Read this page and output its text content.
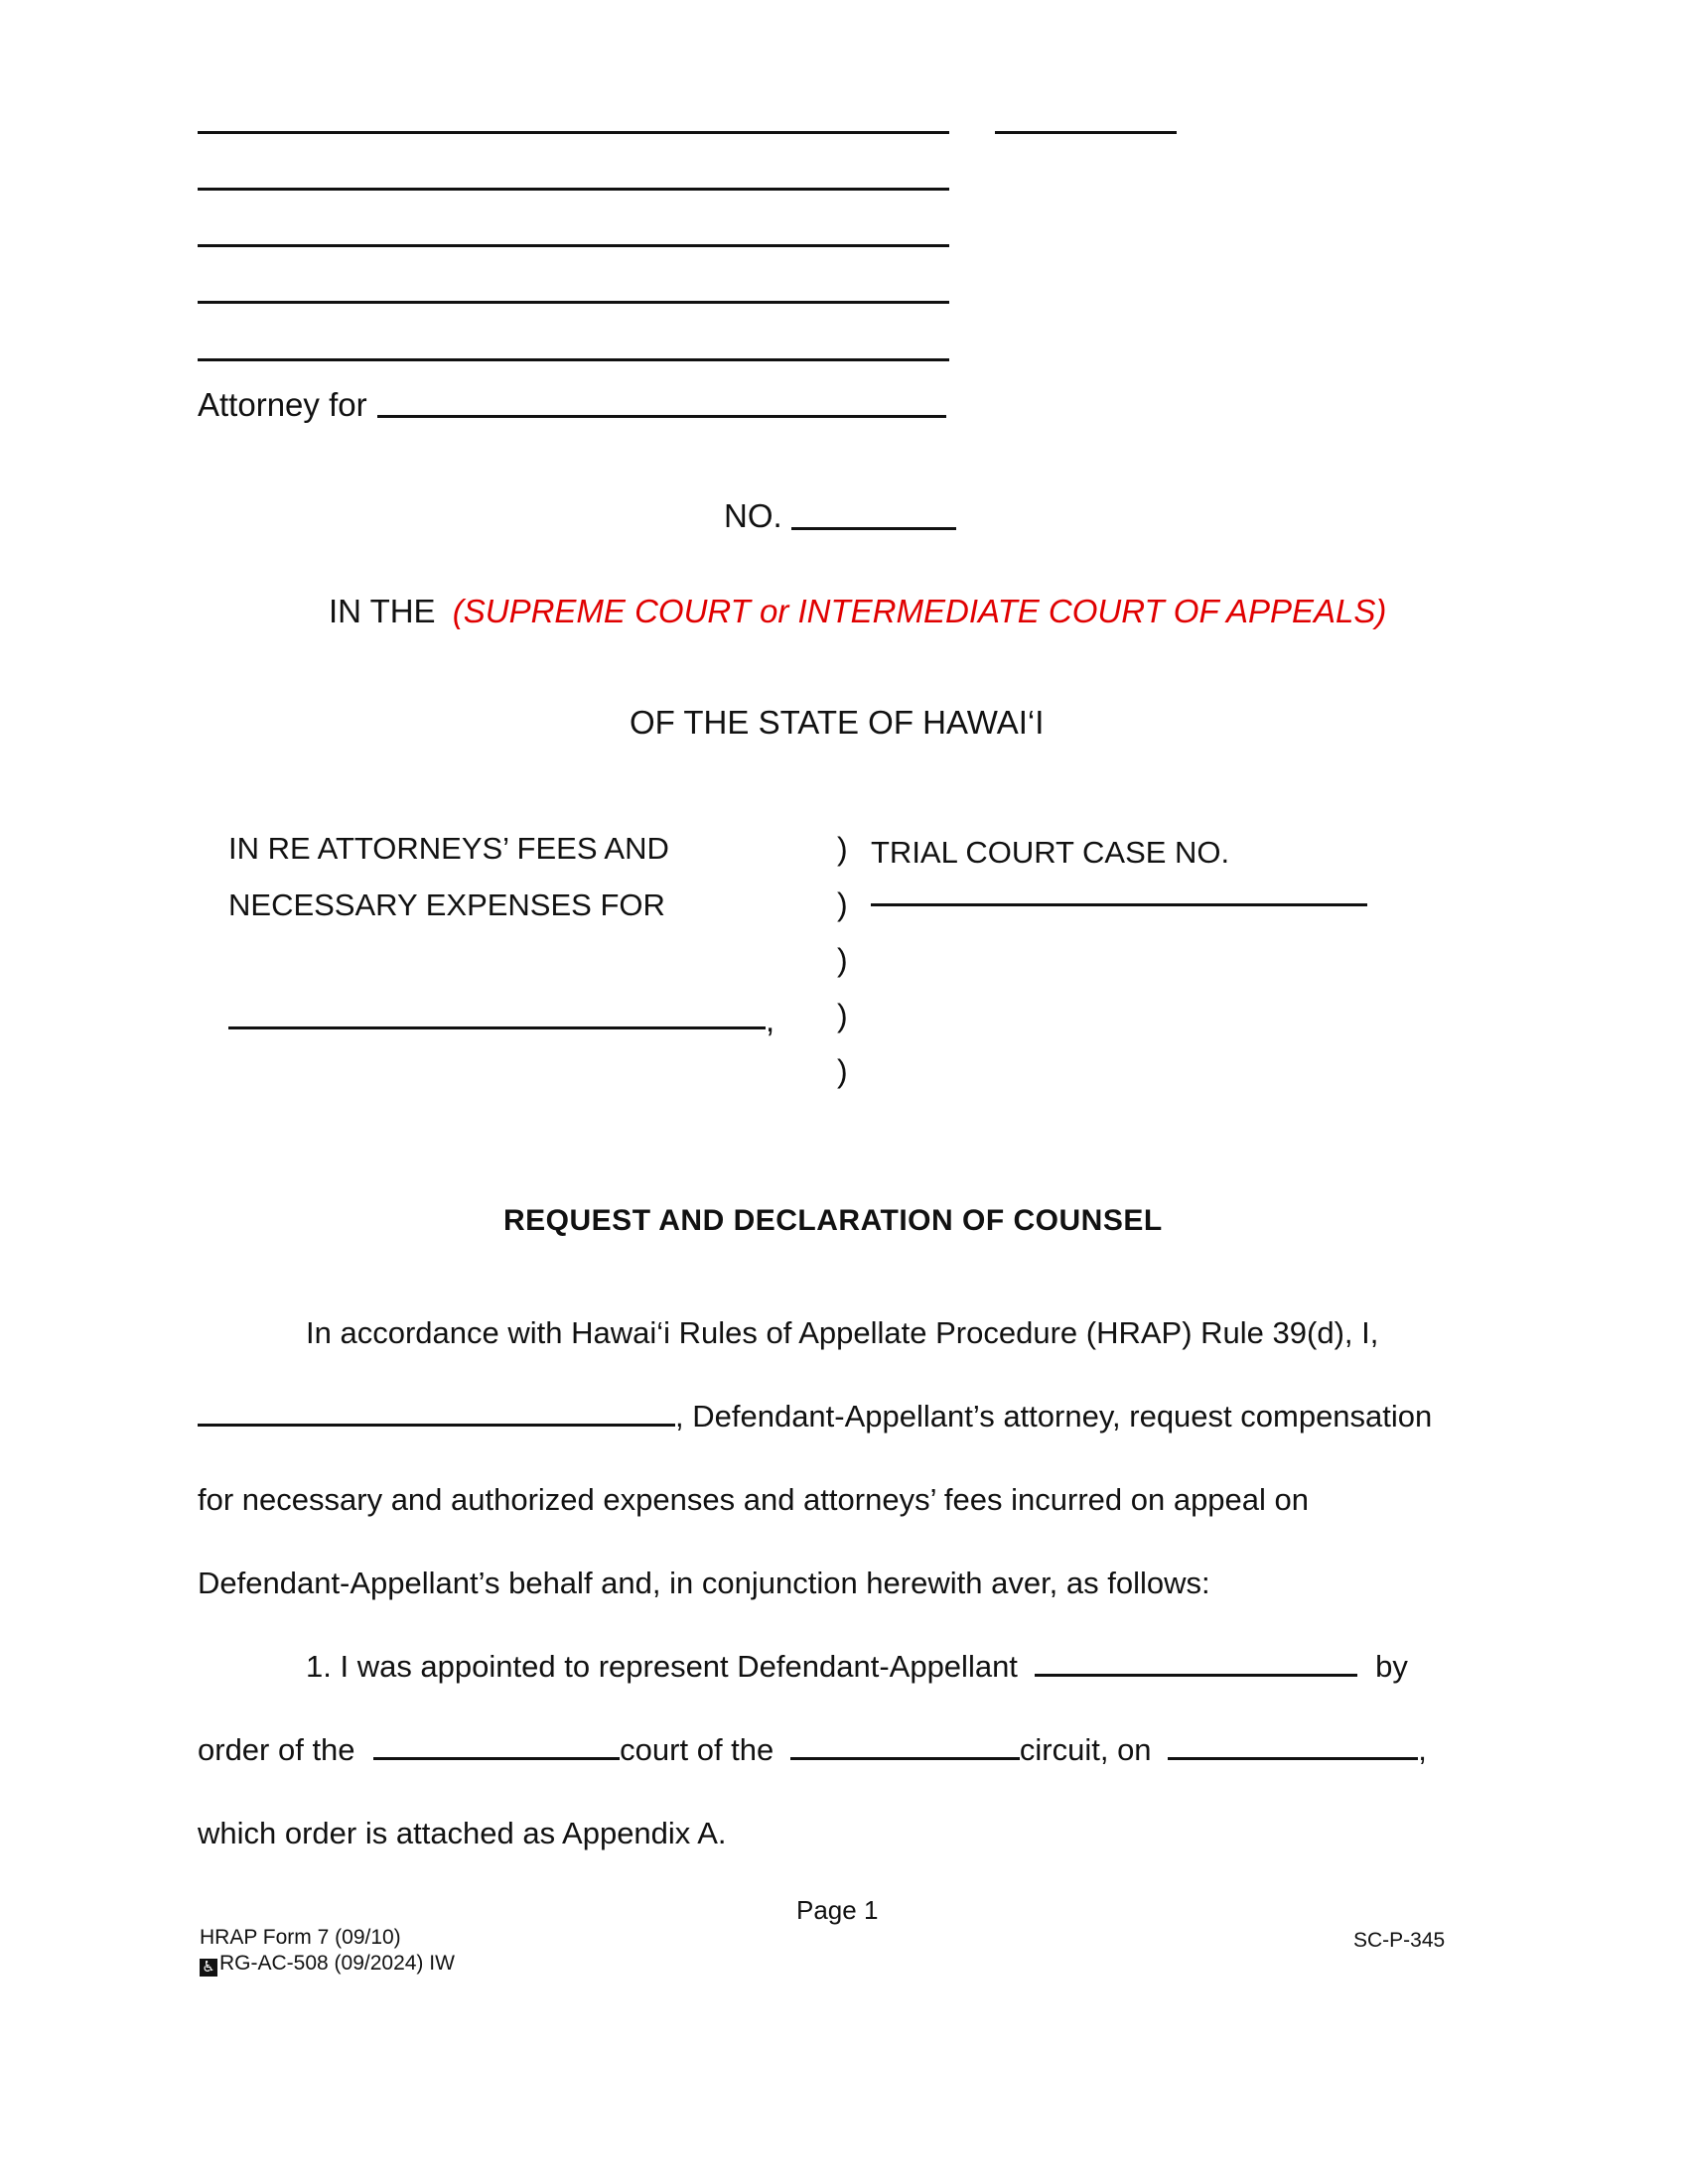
Attorney for
NO.
IN THE (SUPREME COURT or INTERMEDIATE COURT OF APPEALS)
OF THE STATE OF HAWAI‘I
IN RE ATTORNEYS’ FEES AND
NECESSARY EXPENSES FOR
,
)
)
)
)
)
TRIAL COURT CASE NO.
REQUEST AND DECLARATION OF COUNSEL
In accordance with Hawai‘i Rules of Appellate Procedure (HRAP) Rule 39(d), I,
, Defendant-Appellant’s attorney, request compensation
for necessary and authorized expenses and attorneys’ fees incurred on appeal on
Defendant-Appellant’s behalf and, in conjunction herewith aver, as follows:
1. I was appointed to represent Defendant-Appellant	by
order of the	court of the	circuit, on	,
which order is attached as Appendix A.
Page 1
HRAP Form 7 (09/10)
♿ RG-AC-508 (09/2024) IW
SC-P-345
